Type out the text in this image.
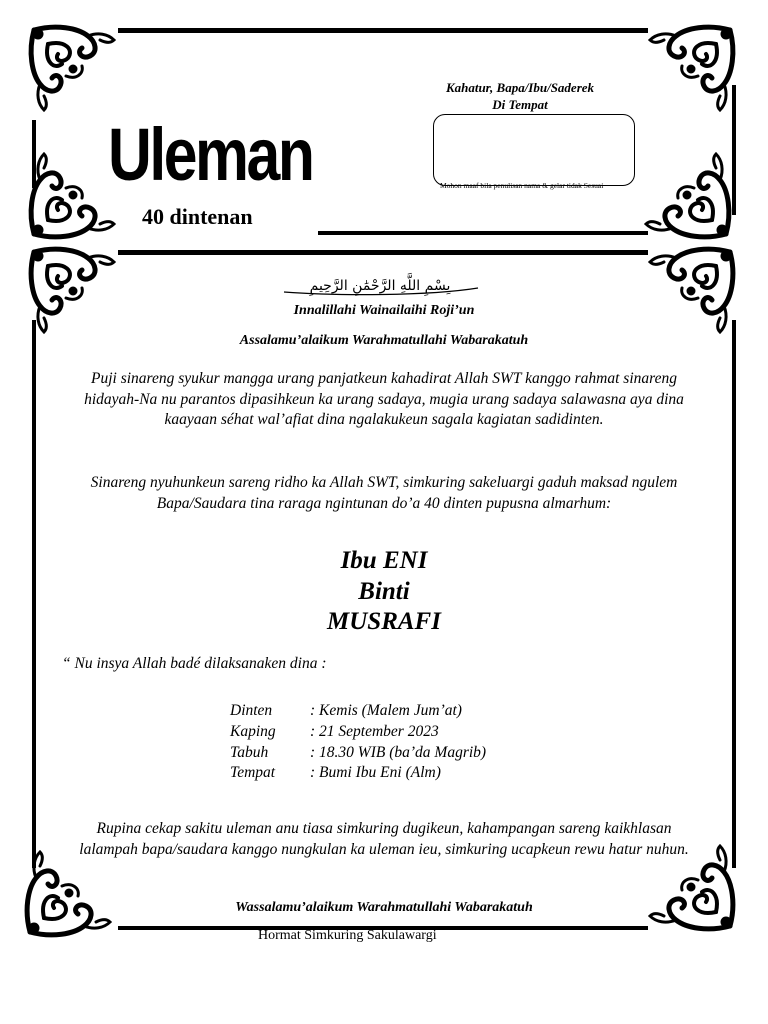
Uleman
40 dintenan
Kahatur, Bapa/Ibu/Saderek
Di Tempat
Mohon maaf bila penulisan nama & gelar tidak Sesuai
بِسْمِ اللَّهِ الرَّحْمَٰنِ الرَّحِيمِ
Innalillahi Wainailaihi Roji’un
Assalamu’alaikum Warahmatullahi Wabarakatuh
Puji sinareng syukur mangga urang panjatkeun kahadirat Allah SWT kanggo rahmat sinareng hidayah-Na nu parantos dipasihkeun ka urang sadaya, mugia urang sadaya salawasna aya dina kaayaan séhat wal’afiat dina ngalakukeun sagala kagiatan sadidinten.
Sinareng nyuhunkeun sareng ridho ka Allah SWT, simkuring sakeluargi gaduh maksad ngulem Bapa/Saudara tina raraga ngintunan do’a 40 dinten pupusna almarhum:
Ibu ENI
Binti
MUSRAFI
“ Nu insya Allah badé dilaksanaken dina :
Dinten	: Kemis (Malem Jum’at)
Kaping	: 21 September 2023
Tabuh	: 18.30 WIB (ba’da Magrib)
Tempat	: Bumi Ibu Eni (Alm)
Rupina cekap sakitu uleman anu tiasa simkuring dugikeun, kahampangan sareng kaikhlasan lalampah bapa/saudara kanggo nungkulan ka uleman ieu, simkuring ucapkeun rewu hatur nuhun.
Wassalamu’alaikum Warahmatullahi Wabarakatuh
Hormat Simkuring Sakulawargi
